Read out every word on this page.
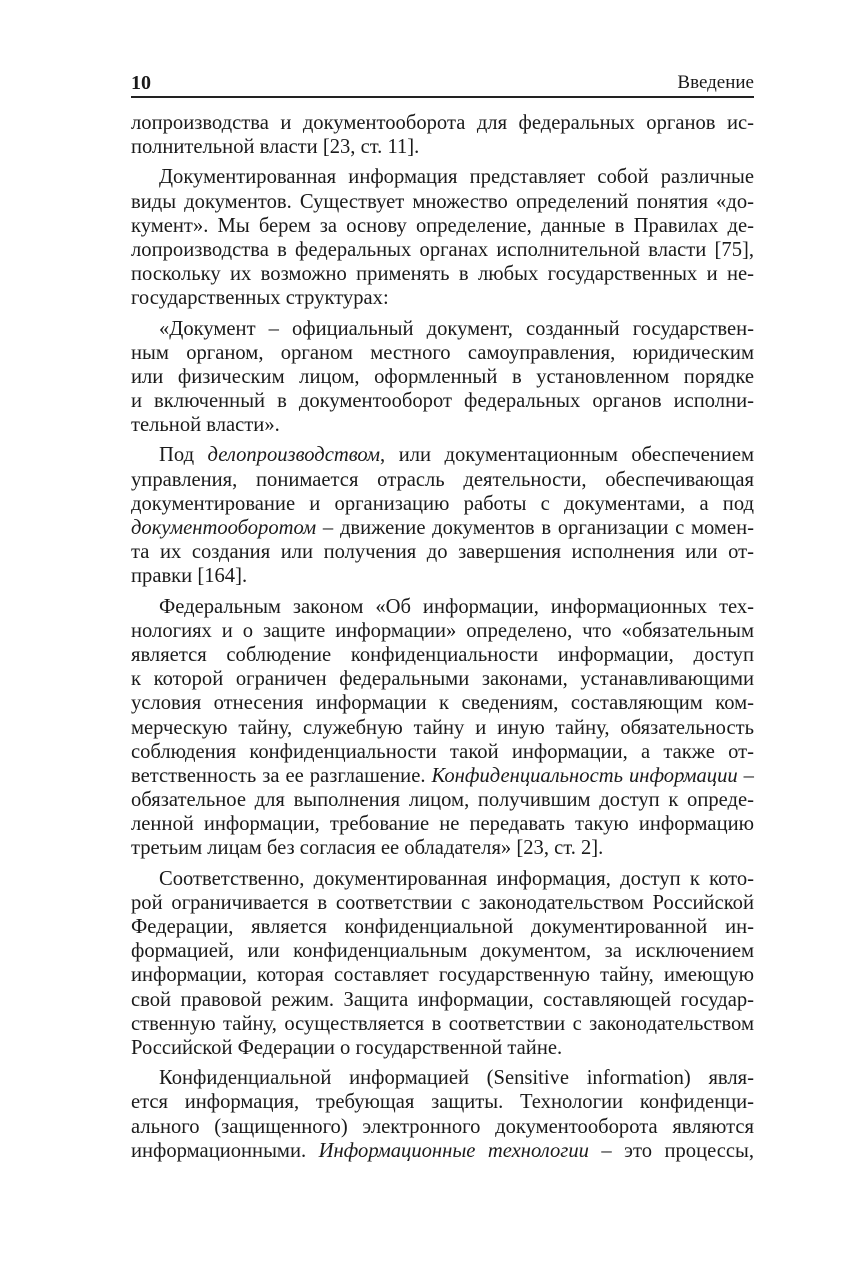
10	Введение
лопроизводства и документооборота для федеральных органов ис-
полнительной власти [23, ст. 11].
Документированная информация представляет собой различные
виды документов. Существует множество определений понятия «до-
кумент». Мы берем за основу определение, данные в Правилах де-
лопроизводства в федеральных органах исполнительной власти [75],
поскольку их возможно применять в любых государственных и не-
государственных структурах:
«Документ – официальный документ, созданный государствен-
ным органом, органом местного самоуправления, юридическим
или физическим лицом, оформленный в установленном порядке
и включенный в документооборот федеральных органов исполни-
тельной власти».
Под делопроизводством, или документационным обеспечением
управления, понимается отрасль деятельности, обеспечивающая
документирование и организацию работы с документами, а под
документооборотом – движение документов в организации с момен-
та их создания или получения до завершения исполнения или от-
правки [164].
Федеральным законом «Об информации, информационных тех-
нологиях и о защите информации» определено, что «обязательным
является соблюдение конфиденциальности информации, доступ
к которой ограничен федеральными законами, устанавливающими
условия отнесения информации к сведениям, составляющим ком-
мерческую тайну, служебную тайну и иную тайну, обязательность
соблюдения конфиденциальности такой информации, а также от-
ветственность за ее разглашение. Конфиденциальность информации –
обязательное для выполнения лицом, получившим доступ к опреде-
ленной информации, требование не передавать такую информацию
третьим лицам без согласия ее обладателя» [23, ст. 2].
Соответственно, документированная информация, доступ к кото-
рой ограничивается в соответствии с законодательством Российской
Федерации, является конфиденциальной документированной ин-
формацией, или конфиденциальным документом, за исключением
информации, которая составляет государственную тайну, имеющую
свой правовой режим. Защита информации, составляющей государ-
ственную тайну, осуществляется в соответствии с законодательством
Российской Федерации о государственной тайне.
Конфиденциальной информацией (Sensitive information) явля-
ется информация, требующая защиты. Технологии конфиденци-
ального (защищенного) электронного документооборота являются
информационными. Информационные технологии – это процессы,
